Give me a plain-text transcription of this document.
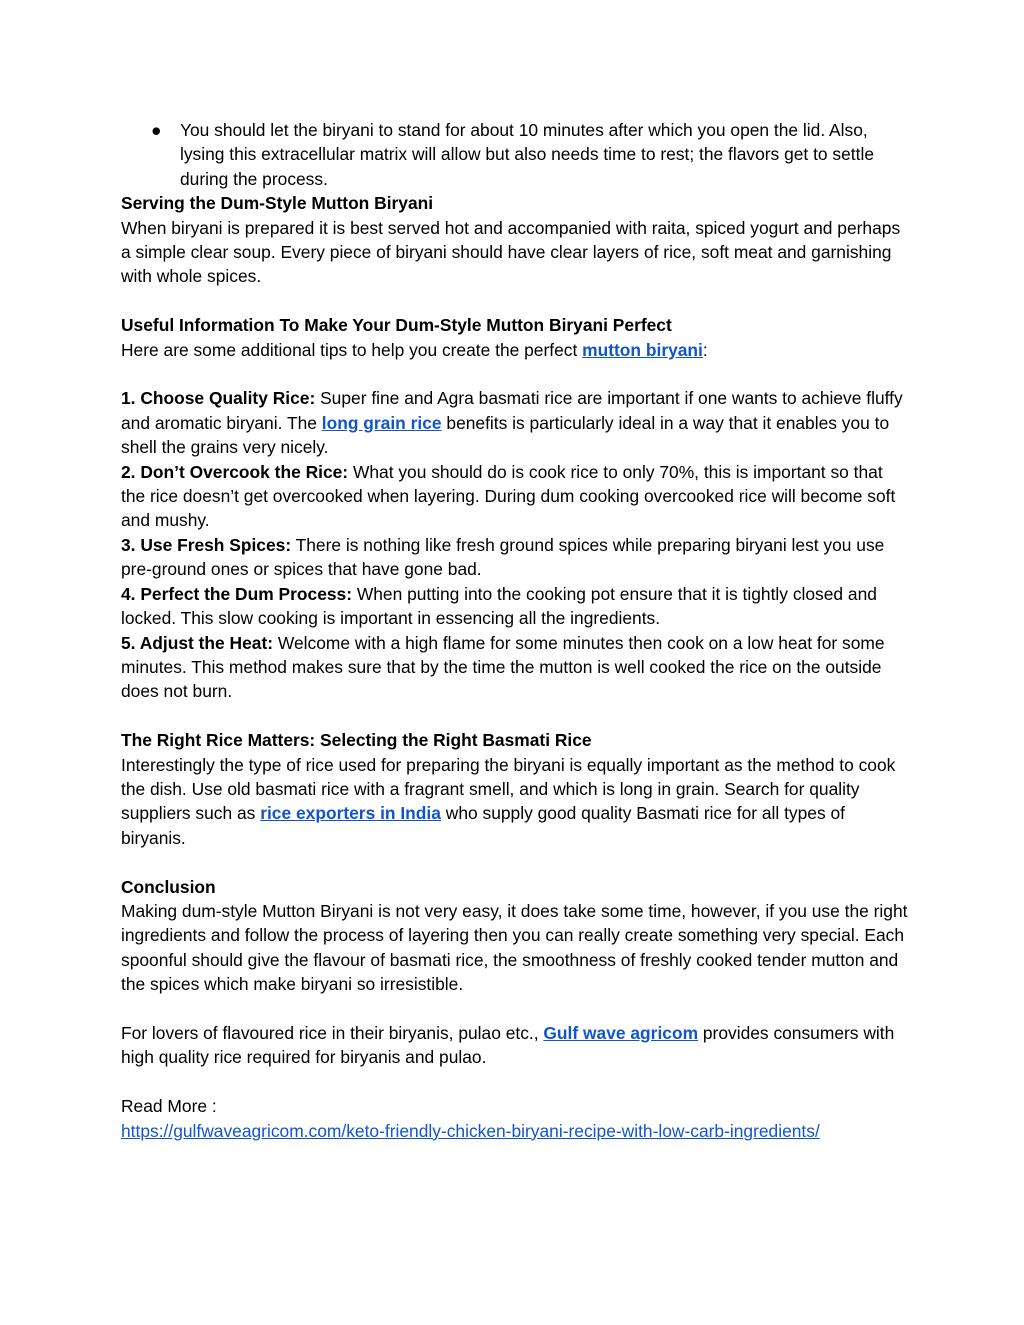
● You should let the biryani to stand for about 10 minutes after which you open the lid. Also, lysing this extracellular matrix will allow but also needs time to rest; the flavors get to settle during the process.

Serving the Dum-Style Mutton Biryani

When biryani is prepared it is best served hot and accompanied with raita, spiced yogurt and perhaps a simple clear soup. Every piece of biryani should have clear layers of rice, soft meat and garnishing with whole spices.

Useful Information To Make Your Dum-Style Mutton Biryani Perfect

Here are some additional tips to help you create the perfect mutton biryani:

1. Choose Quality Rice: Super fine and Agra basmati rice are important if one wants to achieve fluffy and aromatic biryani. The long grain rice benefits is particularly ideal in a way that it enables you to shell the grains very nicely.

2. Don’t Overcook the Rice: What you should do is cook rice to only 70%, this is important so that the rice doesn’t get overcooked when layering. During dum cooking overcooked rice will become soft and mushy.

3. Use Fresh Spices: There is nothing like fresh ground spices while preparing biryani lest you use pre-ground ones or spices that have gone bad.

4. Perfect the Dum Process: When putting into the cooking pot ensure that it is tightly closed and locked. This slow cooking is important in essencing all the ingredients.

5. Adjust the Heat: Welcome with a high flame for some minutes then cook on a low heat for some minutes. This method makes sure that by the time the mutton is well cooked the rice on the outside does not burn.

The Right Rice Matters: Selecting the Right Basmati Rice

Interestingly the type of rice used for preparing the biryani is equally important as the method to cook the dish. Use old basmati rice with a fragrant smell, and which is long in grain. Search for quality suppliers such as rice exporters in India who supply good quality Basmati rice for all types of biryanis.

Conclusion

Making dum-style Mutton Biryani is not very easy, it does take some time, however, if you use the right ingredients and follow the process of layering then you can really create something very special. Each spoonful should give the flavour of basmati rice, the smoothness of freshly cooked tender mutton and the spices which make biryani so irresistible.

For lovers of flavoured rice in their biryanis, pulao etc., Gulf wave agricom provides consumers with high quality rice required for biryanis and pulao.

Read More :

https://gulfwaveagricom.com/keto-friendly-chicken-biryani-recipe-with-low-carb-ingredients/
